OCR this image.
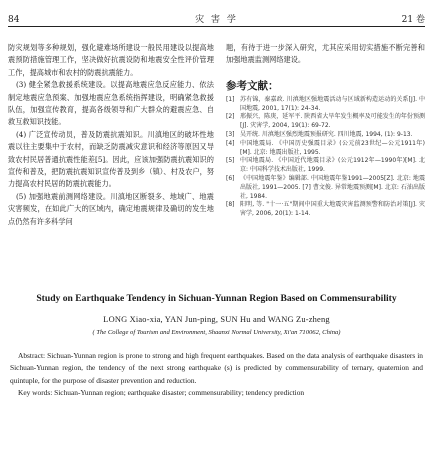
84	灾 害 学	21 卷

防灾规划等多种规划，强化避难场所建设一般民用建设以提高地震预防措施管理工作，坚决做好抗震设防和地震安全性评价管理工作，提高城市和农村的防震抗震能力。

(3) 健全紧急救援系统建设。以提高地震应急反应能力、依法制定地震应急预案、加强地震应急系统指挥建设，明确紧急救援队伍，加强宣传教育，提高各级领导和广大群众的避震应急、自救互救知识技能。

(4) 广泛宣传动员，普及防震抗震知识。川滇地区的破坏性地震以往主要集中于农村，而缺乏防震减灾意识和经济等原因又导致农村民居普通抗震性能差[5]。因此，应该加强防震抗震知识的宣传和普及，把防震抗震知识宣传普及到乡（镇）、村及农户，努力提高农村民居的防震抗震能力。

(5) 加强地震前测网络建设。川滇地区断裂多、地域广、地震灾害频发，在如此广大的区域内，确定地震规律及确切的发生地点仍然有许多科学问

题，有待于进一步深入研究，尤其应采用切实措施不断完善和加强地震监测网络建设。

参考文献：

[1] 苏有锦，秦嘉政. 川滇地区强地震活动与区域新构造运动的关系[J]. 中国地震, 2001, 17(1): 24-34.
[2] 邢振兴，陈庚，延军平. 陕西省大旱年发生概率及可能发生的年份预测[J]. 灾害学, 2004, 19(1): 69-72.
[3] 吴开统. 川滇地区强烈地震预报研究. 四川地震, 1994, (1): 9-13.
[4] 中国地震局. 《中国历史强震目录》(公元前23世纪—公元1911年)[M]. 北京: 地震出版社, 1995.
[5] 中国地震局. 《中国近代地震目录》(公元1912年—1990年)[M]. 北京: 中国科学技术出版社, 1999.
[6] 《中国地震年鉴》编辑部. 中国地震年鉴1991—2005[Z]. 北京: 地震出版社, 1991—2005. [7] 曹文俊. 异常地震预测[M]. 北京: 石油出版社, 1984.
[8] 阳明, 等. "十一·五"期间中国重大地震灾害监测预警和防治对策[J]. 灾害学, 2006, 20(1): 1-14.
Study on Earthquake Tendency in Sichuan-Yunnan Region Based on Commensurability
LONG Xiao-xia, YAN Jun-ping, SUN Hu and WANG Zu-zheng
( The College of Tourism and Environment, Shaanxi Normal University, Xi'an 710062, China)
Abstract: Sichuan-Yunnan region is prone to strong and high frequent earthquakes. Based on the data analysis of earthquake disasters in Sichuan-Yunnan region, the tendency of the next strong earthquake (s) is predicted by commensurability of ternary, quaternion and quintuple, for the purpose of disaster prevention and reduction.
Key words: Sichuan-Yunnan region; earthquake disaster; commensurability; tendency prediction
